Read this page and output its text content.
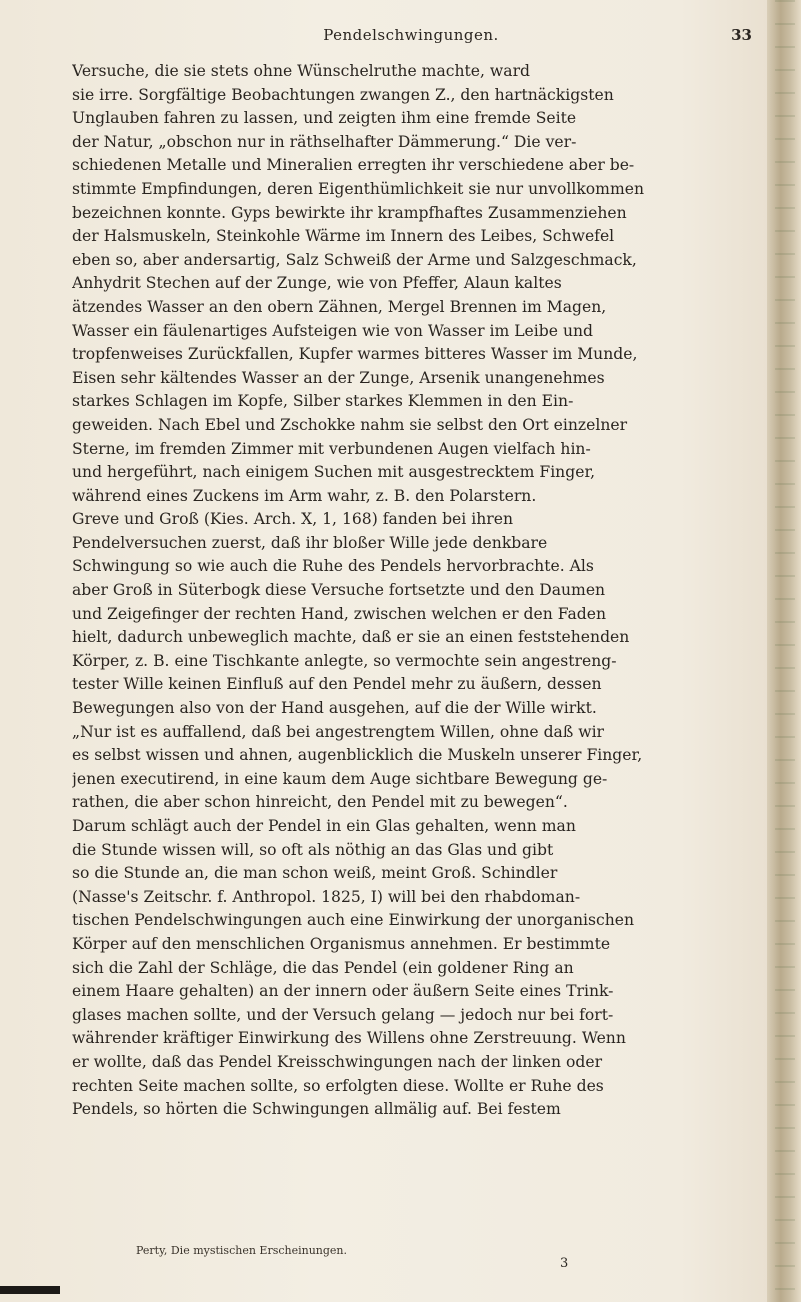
Pendelschwingungen.	33
Versuche, die sie stets ohne Wünschelruthe machte, ward
sie irre. Sorgfältige Beobachtungen zwangen Z., den hartnäckigsten
Unglauben fahren zu lassen, und zeigten ihm eine fremde Seite
der Natur, „obschon nur in räthselhafter Dämmerung.“ Die ver-
schiedenen Metalle und Mineralien erregten ihr verschiedene aber be-
stimmte Empfindungen, deren Eigenthümlichkeit sie nur unvollkommen
bezeichnen konnte. Gyps bewirkte ihr krampfhaftes Zusammenziehen
der Halsmuskeln, Steinkohle Wärme im Innern des Leibes, Schwefel
eben so, aber andersartig, Salz Schweiß der Arme und Salzgeschmack,
Anhydrit Stechen auf der Zunge, wie von Pfeffer, Alaun kaltes
ätzendes Wasser an den obern Zähnen, Mergel Brennen im Magen,
Wasser ein fäulenartiges Aufsteigen wie von Wasser im Leibe und
tropfenweises Zurückfallen, Kupfer warmes bitteres Wasser im Munde,
Eisen sehr kältendes Wasser an der Zunge, Arsenik unangenehmes
starkes Schlagen im Kopfe, Silber starkes Klemmen in den Ein-
geweiden. Nach Ebel und Zschokke nahm sie selbst den Ort einzelner
Sterne, im fremden Zimmer mit verbundenen Augen vielfach hin-
und hergeführt, nach einigem Suchen mit ausgestrecktem Finger,
während eines Zuckens im Arm wahr, z. B. den Polarstern.
Greve und Groß (Kies. Arch. X, 1, 168) fanden bei ihren
Pendelversuchen zuerst, daß ihr bloßer Wille jede denkbare
Schwingung so wie auch die Ruhe des Pendels hervorbrachte. Als
aber Groß in Süterbogk diese Versuche fortsetzte und den Daumen
und Zeigefinger der rechten Hand, zwischen welchen er den Faden
hielt, dadurch unbeweglich machte, daß er sie an einen feststehenden
Körper, z. B. eine Tischkante anlegte, so vermochte sein angestreng-
tester Wille keinen Einfluß auf den Pendel mehr zu äußern, dessen
Bewegungen also von der Hand ausgehen, auf die der Wille wirkt.
„Nur ist es auffallend, daß bei angestrengtem Willen, ohne daß wir
es selbst wissen und ahnen, augenblicklich die Muskeln unserer Finger,
jenen executirend, in eine kaum dem Auge sichtbare Bewegung ge-
rathen, die aber schon hinreicht, den Pendel mit zu bewegen“.
Darum schlägt auch der Pendel in ein Glas gehalten, wenn man
die Stunde wissen will, so oft als nöthig an das Glas und gibt
so die Stunde an, die man schon weiß, meint Groß. Schindler
(Nasse's Zeitschr. f. Anthropol. 1825, I) will bei den rhabdoman-
tischen Pendelschwingungen auch eine Einwirkung der unorganischen
Körper auf den menschlichen Organismus annehmen. Er bestimmte
sich die Zahl der Schläge, die das Pendel (ein goldener Ring an
einem Haare gehalten) an der innern oder äußern Seite eines Trink-
glases machen sollte, und der Versuch gelang — jedoch nur bei fort-
währender kräftiger Einwirkung des Willens ohne Zerstreuung. Wenn
er wollte, daß das Pendel Kreisschwingungen nach der linken oder
rechten Seite machen sollte, so erfolgten diese. Wollte er Ruhe des
Pendels, so hörten die Schwingungen allmälig auf. Bei festem
Perty, Die mystischen Erscheinungen.
3
